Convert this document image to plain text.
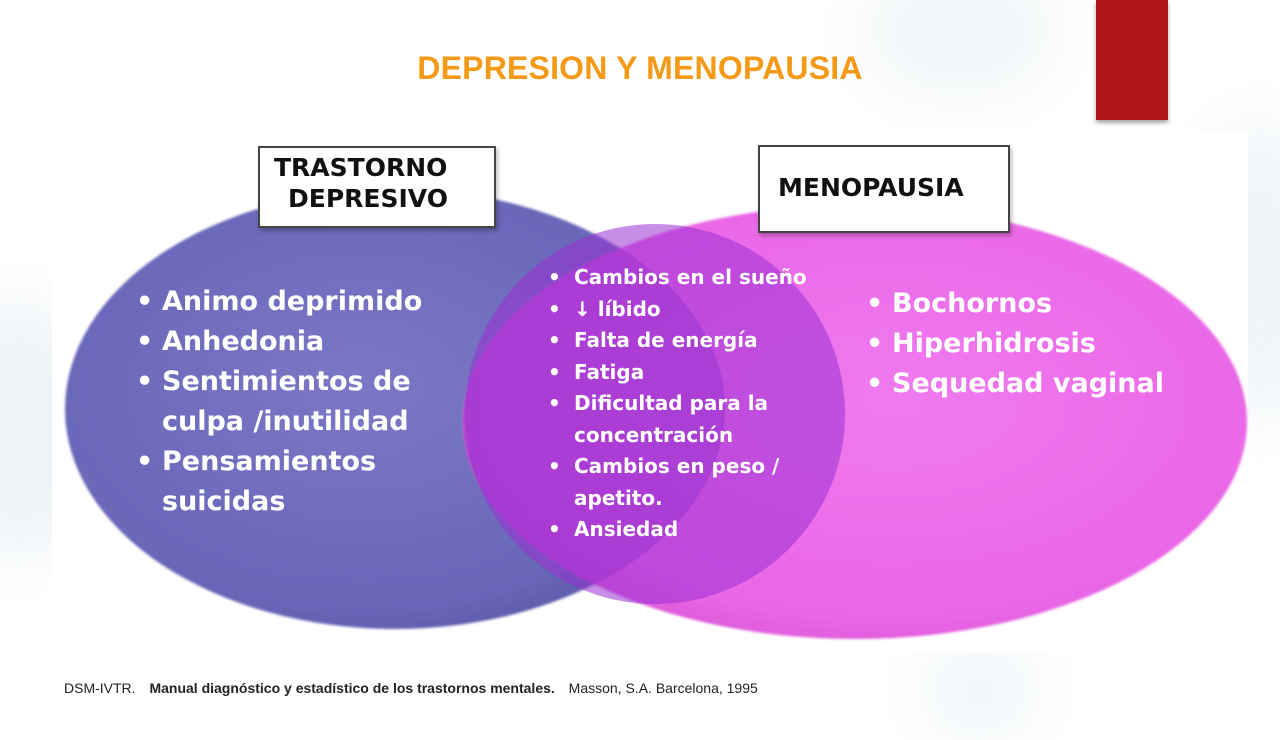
DEPRESION Y MENOPAUSIA
TRASTORNO
DEPRESIVO	MENOPAUSIA
• Animo deprimido
• Anhedonia
• Sentimientos de culpa /inutilidad
• Pensamientos suicidas
• Cambios en el sueño
• ↓ líbido
• Falta de energía
• Fatiga
• Dificultad para la concentración
• Cambios en peso / apetito.
• Ansiedad
• Bochornos
• Hiperhidrosis
• Sequedad vaginal
DSM-IVTR. Manual diagnóstico y estadístico de los trastornos mentales. Masson, S.A. Barcelona, 1995
